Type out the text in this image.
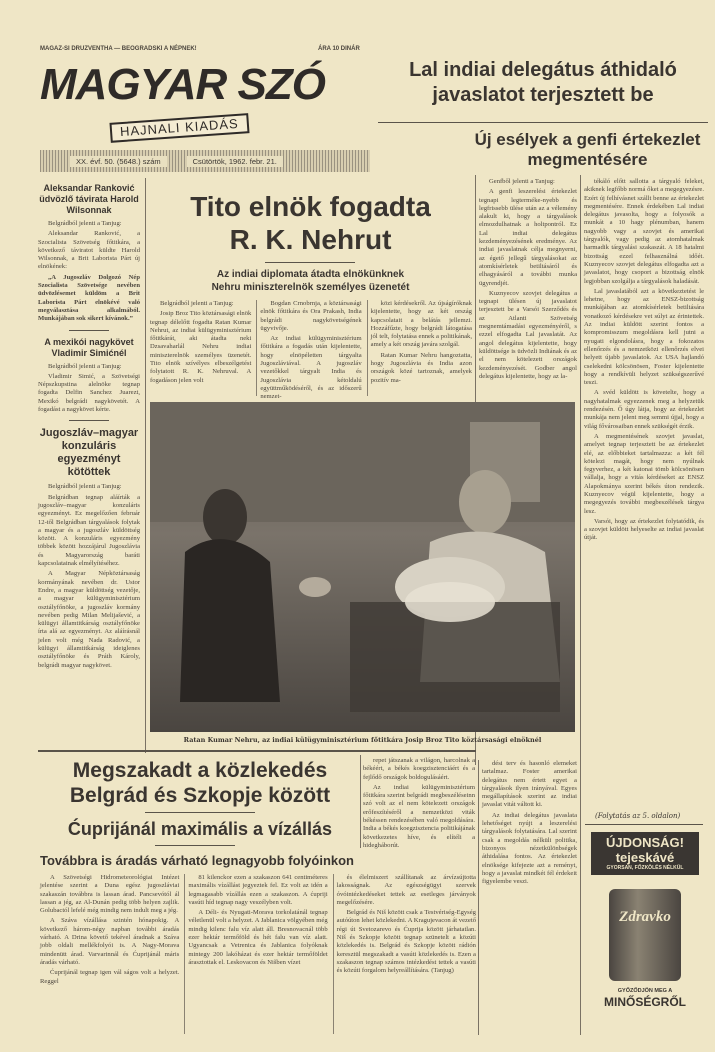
MAGAZ-SI DRUZVENTHA — BEOGRADSKI A NÉPNEK!	ÁRA 10 DINÁR
MAGYAR SZÓ
HAJNALI KIADÁS
XX. évf. 50. (5648.) szám	Csütörtök, 1962. febr. 21.
Lal indiai delegátus áthidaló javaslatot terjesztett be
Új esélyek a genfi értekezlet megmentésére
Aleksandar Ranković üdvözlő távirata Harold Wilsonnak

Belgrádból jelenti a Tanjug:

Aleksandar Ranković, a Szocialista Szövetség főtitkára, a következő táviratot küldte Harold Wilsonnak, a Brit Laborista Párt új elnökének:

„A Jugoszláv Dolgozó Nép Szocialista Szövetsége nevében üdvözlésemet küldöm a Brit Laborista Párt elnökévé való megválasztása alkalmából. Munkájában sok sikert kívánok.”

A mexikói nagykövet Vladimir Simićnél

Belgrádból jelenti a Tanjug:

Vladimir Simić, a Szövetségi Népszkupstina alelnöke tegnap fogadta Delfin Sanchez Juarezt, Mexikó belgrádi nagykövetét. A fogadást a nagykövet kérte.

Jugoszláv–magyar konzuláris egyezményt kötöttek

Belgrádból jelenti a Tanjug:

Belgrádban tegnap aláírták a jugoszláv–magyar konzuláris egyezményt. Ez megelőzően február 12-től Belgrádban tárgyalások folytak a magyar és a jugoszláv küldöttség között. A konzuláris egyezmény többek között hozzájárul Jugoszlávia és Magyarország baráti kapcsolatainak elmélyítéséhez.

A Magyar Népköztársaság kormányának nevében dr. Ustor Endre, a magyar küldöttség vezetője, a magyar külügyminisztérium osztályfőnöke, a jugoszláv kormány nevében pedig Milan Melijašević, a külügyi államtitkárság osztályfőnöke írta alá az egyezményt. Az aláírásnál jelen volt még Nada Radović, a külügyi államtitkárság ideiglenes osztályfőnöke és Práth Károly, belgrádi magyar nagykövet.

Tito elnök fogadta
R. K. Nehrut
Az indiai diplomata átadta elnökünknek
Nehru miniszterelnök személyes üzenetét

Belgrádból jelenti a Tanjug:

Josip Broz Tito köztársasági elnök tegnap délelőtt fogadta Ratan Kumar Nehrut, az indiai külügyminisztérium főtitkárát, aki átadta neki Dzsavaharlál Nehru indiai miniszterelnök személyes üzenetét. Tito elnök szívélyes elbeszélgetést folytatott R. K. Nehruval. A fogadáson jelen volt

Bogdan Crnobrnja, a köztársasági elnök főtitkára és Ora Prakash, India belgrádi nagykövetségének ügyvivője.

Az indiai külügyminisztérium főtitkára a fogadás után kijelentette, hogy elnöpéletten tárgyalta Jugoszláviával. A jugoszláv vezetőkkel tárgyalt India és Jugoszlávia kétoldalú együttműködéséről, és az időszerű nemzet-

közi kérdésekről. Az újságíróknak kijelentette, hogy az két ország kapcsolatait a belátás jellemzi. Hozzáfűzte, hogy belgrádi látogatása jól telt, folytatása ennek a politikának, amely a két ország javára szolgál.

Ratan Kumar Nehru hangoztatta, hogy Jugoszlávia és India azon országok közé tartoznak, amelyek pozitív ma-

Genfből jelenti a Tanjug:

A genfi leszerelési értekezlet tegnapi legterméke-nyebb és legfrissebb ülése után az a vélemény alakult ki, hogy a tárgyalások elmozdulhatnak a holtpontról. Ez Lal indiai delegátus kezdeményezésének eredménye. Az indiai javaslatnak célja megnyerni, az égető jellegű tárgyalásokat az atomkísérletek betiltásáról és elhagyásáról a további munka ügyrendjét.

Kuznyecov szovjet delegátus a tegnapi ülésen új javaslatot terjesztett be a Varsói Szerződés és az Atlanti Szövetség megnemtámadási egyezményéről, s ezzel elfogadta Lal javaslatát. Az angol delegátus kijelentette, hogy küldöttsége is üdvözli Indiának és az el nem kötelezett országok kezdeményezését. Godber angol delegátus kijelentette, hogy az la-

tékáló előtt sallotta a tárgyaló feleket, akiknek legfőbb normá őket a megegyezésre. Ezért új felhívásnet szállt benne az értekezlet megmentésére. Ennek érdekében Lal indiai delegátus javasolta, hogy a folyosók a munkát a 10 hagy plénumban, hanem nagyobb vagy a szovjet és amerikai tárgyalók, vagy pedig az atomhatalmak harmadik tárgyalási szakaszát. A 18 hatalmi bizottság ezzel felhasználná időét. Kuznyecov szovjet delegátus elfogadta azt a javaslatot, hogy csoport a bizottság elnök legjobban szolgálja a tárgyalások haladását.

Lal javaslatából azt a következtetést le lehetne, hogy az ENSZ-bizottság munkájában az atomkísérletek betiltására vonatkozó kérdésekre vet súlyt az érintettek. Az indiai küldött szerint fontos a kompromisszum megoldásra kell jutni a nyugati elgondolásra, hogy a fokozatos ellenőrzés és a nemzetközi ellenőrzés elvei helyett újabb javaslatok. Az USA hajlandó cselekedni kölcsönösen, Foster kijelentette hogy a rendkívüli helyzet szükségszerűvé teszi.

A svéd küldött is követelte, hogy a nagyhatalmak egyezzenek meg a helyzetük rendezésén. Ő úgy látja, hogy az értekezlet munkája nem jelent meg semmi újjal, hogy a világ fővárosaiban ennek szükségét érzik.

A megmentésének szovjet javaslat, amelyet tegnap terjesztett be az értekezlet elé, az előbbieket tartalmazza: a két fél kötelezi magát, hogy nem nyúlnak fegyverhez, a két katonai tömb kölcsönösen vállalja, hogy a vitás kérdéseket az ENSZ Alapokmánya szerint békés úton rendezik. Kuznyecov végül kijelentette, hogy a megegyezés további megbeszélések tárgya lesz.

Varsói, hogy az értekezlet folytatódik, és a szovjet küldött helyeselte az indiai javaslat útját.

(Folytatás az 5. oldalon)
Ratan Kumar Nehru, az indiai külügyminisztérium főtitkára Josip Broz Tito köztársasági elnöknél
Megszakadt a közlekedés
Belgrád és Szkopje között
Ćuprijánál maximális a vízállás
Továbbra is áradás várható legnagyobb folyóinkon

repet játszanak a világon, harcolnak a békéért, a békés koegzisztenciáért és a fejlődő országok boldogulásáért.

Az indiai külügyminisztérium főtitkára szerint belgrádi megbeszéléseinn szó volt az el nem kötelezett országok erőfeszítéséről a nemzetközi viták békéssen rendezésében való megoldására. India a békés koegzisztencia politikájának következetes híve, és elítéli a hidegháborút.

dési terv és hasonló elemeket tartalmaz. Foster amerikai delegátus nem értett egyet a tárgyalások ilyen irányával. Egyes megállapítások szerint az indiai javaslat vitát váltott ki.

Az indiai delegátus javaslata lehetőséget nyújt a leszerelési tárgyalások folytatására. Lal szerint csak a megoldás nélküli politika, bizonyos nézetkülönbségek áthidalása fontos. Az értekezlet elnöksége kifejezte azt a reményt, hogy a javaslat mindkét fél érdekeit figyelembe veszi.

A Szövetségi Hidrometeorológiai Intézet jelentése szerint a Duna egész jugoszláviai szakaszán továbbra is lassan árad. Pancsevótól ál lassan a jég, az Al-Dunán pedig több helyen zajlik. Golubactól lefelé még mindig nem indult meg a jég.

A Száva vízállása szintén hónapokig. A következő három-négy napban további áradás várható. A Drina követő tekével áradnak a Száva jobb oldali mellékfolyói is. A Nagy-Morava mindenütt árad. Varvarinnál és Ćuprijánál máris áradás várható.

Ćuprijánál tegnap igen vál ságos volt a helyzet. Reggel

81 kilenckor ezen a szakaszon 641 centiméteres maximális vízállást jegyeztek fel. Ez volt az idén a legmagasabb vízállás ezen a szakaszon. A ćupriji vasúti híd tegnap nagy veszélyben volt.

A Déli- és Nyugati-Morava torkolatánál tegnap véletlenül volt a helyzet. A Jablanica völgyében még mindig kilenc falu víz alatt áll. Bresnovacnál több ezer hektár termőföld és hét falu van víz alatt. Ugyancsak a Vetrenica és Jablanica folyóknak mintegy 200 lakóházat és ezer hektár termőföldet árasztottak el. Leskovacon és Nišben vízet

és élelmiszert szállítanak az árvízsújtotta lakosságnak. Az egészségügyi szervek óvóintézkedéseket tettek az esetleges járványok megelőzésére.

Belgrád és Niš között csak a Testvériség-Egység autóúton lehet közlekedni. A Kragujevacon át vezető régi út Svetozarevo és Ćuprija között járhatatlan. Niš és Szkopje között tegnap szünetelt a közúti közlekedés is. Belgrád és Szkopje között rádión keresztül megszakadt a vasúti közlekedés is. Ezen a szakaszon tegnap számos intézkedést tettek a vasúti és közúti forgalom helyreállítására. (Tanjug)

ÚJDONSÁG!
tejeskávé
GYORSAN, FŐZKÖLÉS NÉLKÜL
Zdravko
GYŐZŐDJÖN MEG A
MINŐSÉGRŐL
